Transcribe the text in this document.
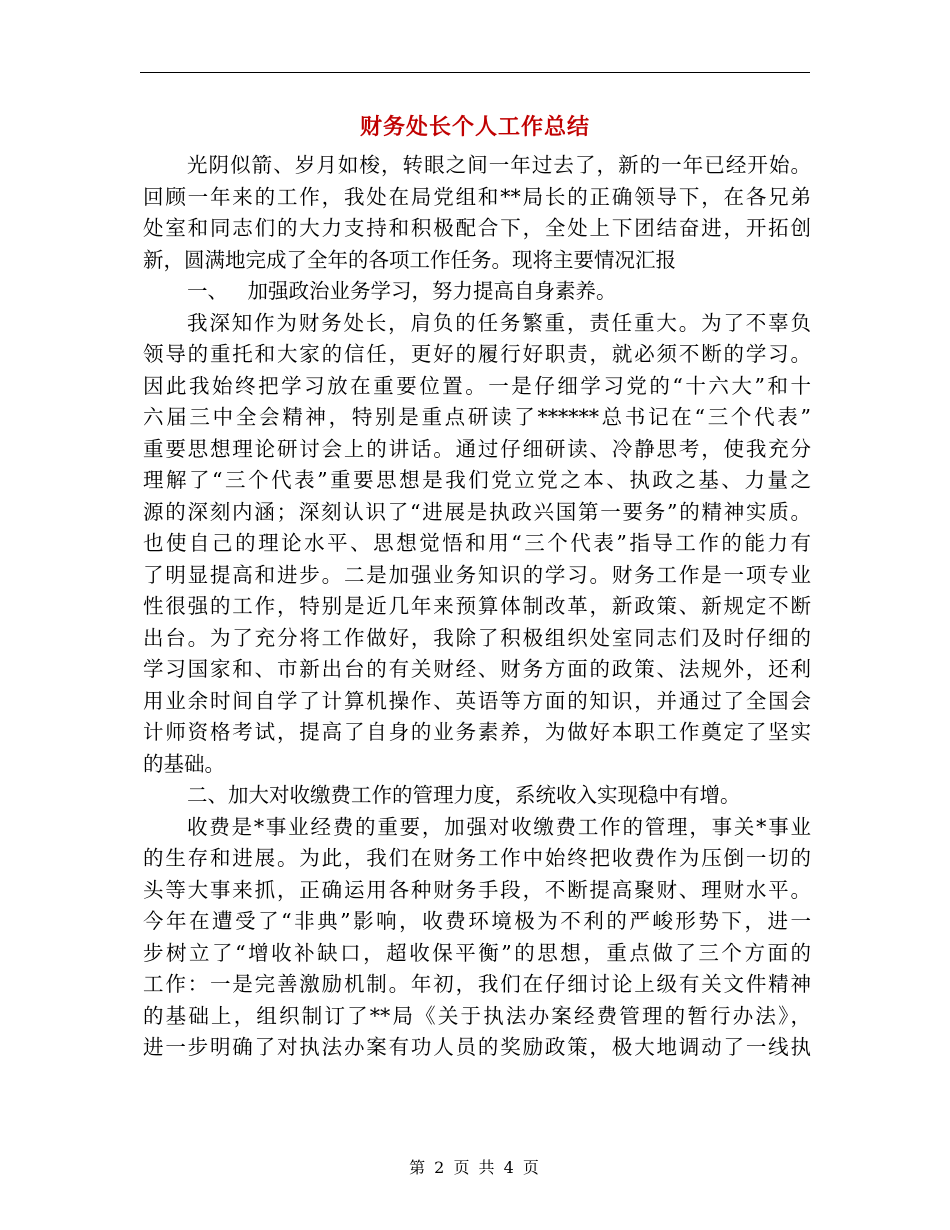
财务处长个人工作总结
光阴似箭、岁月如梭，转眼之间一年过去了，新的一年已经开始。
回顾一年来的工作，我处在局党组和**局长的正确领导下，在各兄弟
处室和同志们的大力支持和积极配合下，全处上下团结奋进，开拓创
新，圆满地完成了全年的各项工作任务。现将主要情况汇报
一、   加强政治业务学习，努力提高自身素养。
我深知作为财务处长，肩负的任务繁重，责任重大。为了不辜负
领导的重托和大家的信任，更好的履行好职责，就必须不断的学习。
因此我始终把学习放在重要位置。一是仔细学习党的“十六大”和十
六届三中全会精神，特别是重点研读了******总书记在“三个代表”
重要思想理论研讨会上的讲话。通过仔细研读、冷静思考，使我充分
理解了“三个代表”重要思想是我们党立党之本、执政之基、力量之
源的深刻内涵；深刻认识了“进展是执政兴国第一要务”的精神实质。
也使自己的理论水平、思想觉悟和用“三个代表”指导工作的能力有
了明显提高和进步。二是加强业务知识的学习。财务工作是一项专业
性很强的工作，特别是近几年来预算体制改革，新政策、新规定不断
出台。为了充分将工作做好，我除了积极组织处室同志们及时仔细的
学习国家和、市新出台的有关财经、财务方面的政策、法规外，还利
用业余时间自学了计算机操作、英语等方面的知识，并通过了全国会
计师资格考试，提高了自身的业务素养，为做好本职工作奠定了坚实
的基础。
二、加大对收缴费工作的管理力度，系统收入实现稳中有增。
收费是*事业经费的重要，加强对收缴费工作的管理，事关*事业
的生存和进展。为此，我们在财务工作中始终把收费作为压倒一切的
头等大事来抓，正确运用各种财务手段，不断提高聚财、理财水平。
今年在遭受了“非典”影响，收费环境极为不利的严峻形势下，进一
步树立了“增收补缺口，超收保平衡”的思想，重点做了三个方面的
工作：一是完善激励机制。年初，我们在仔细讨论上级有关文件精神
的基础上，组织制订了**局《关于执法办案经费管理的暂行办法》，
进一步明确了对执法办案有功人员的奖励政策，极大地调动了一线执
第 2 页 共 4 页
